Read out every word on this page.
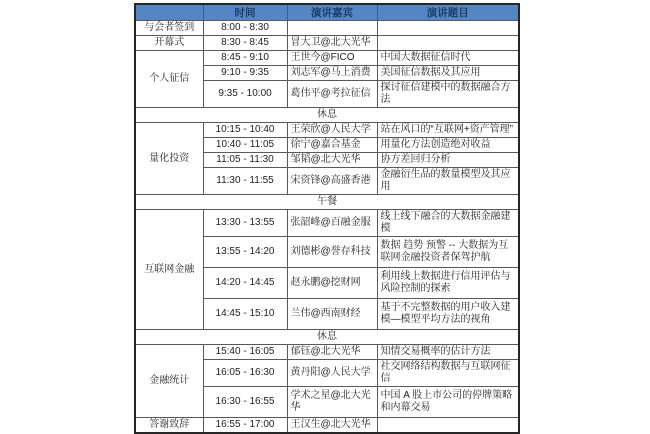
	时间	演讲嘉宾	演讲题目
与会者签到	8:00 - 8:30		
开幕式	8:30 - 8:45	冒大卫@北大光华	
个人征信	8:45 - 9:10	王世今@FICO	中国大数据征信时代
	9:10 - 9:35	刘志军@马上消费	美国征信数据及其应用
	9:35 - 10:00	葛伟平@考拉征信	探讨征信建模中的数据融合方法
休息			
量化投资	10:15 - 10:40	王荣欣@人民大学	站在风口的“互联网+资产管理”
	10:40 - 11:05	徐宁@嘉合基金	用量化方法创造绝对收益
	11:05 - 11:30	邹韬@北大光华	协方差回归分析
	11:30 - 11:55	宋资锋@高盛香港	金融衍生品的数量模型及其应用
午餐			
互联网金融	13:30 - 13:55	张韶峰@百融金服	线上线下融合的大数据金融建模
	13:55 - 14:20	刘德彬@誉存科技	数据 趋势 预警 -- 大数据为互联网金融投资者保驾护航
	14:20 - 14:45	赵永鹏@挖财网	利用线上数据进行信用评估与风险控制的探索
	14:45 - 15:10	兰伟@西南财经	基于不完整数据的用户收入建模—模型平均方法的视角
休息			
金融统计	15:40 - 16:05	郁钰@北大光华	知情交易概率的估计方法
	16:05 - 16:30	黄丹阳@人民大学	社交网络结构数据与互联网征信
	16:30 - 16:55	学术之星@北大光华	中国 A 股上市公司的停牌策略和内幕交易
答谢致辞	16:55 - 17:00	王汉生@北大光华	
